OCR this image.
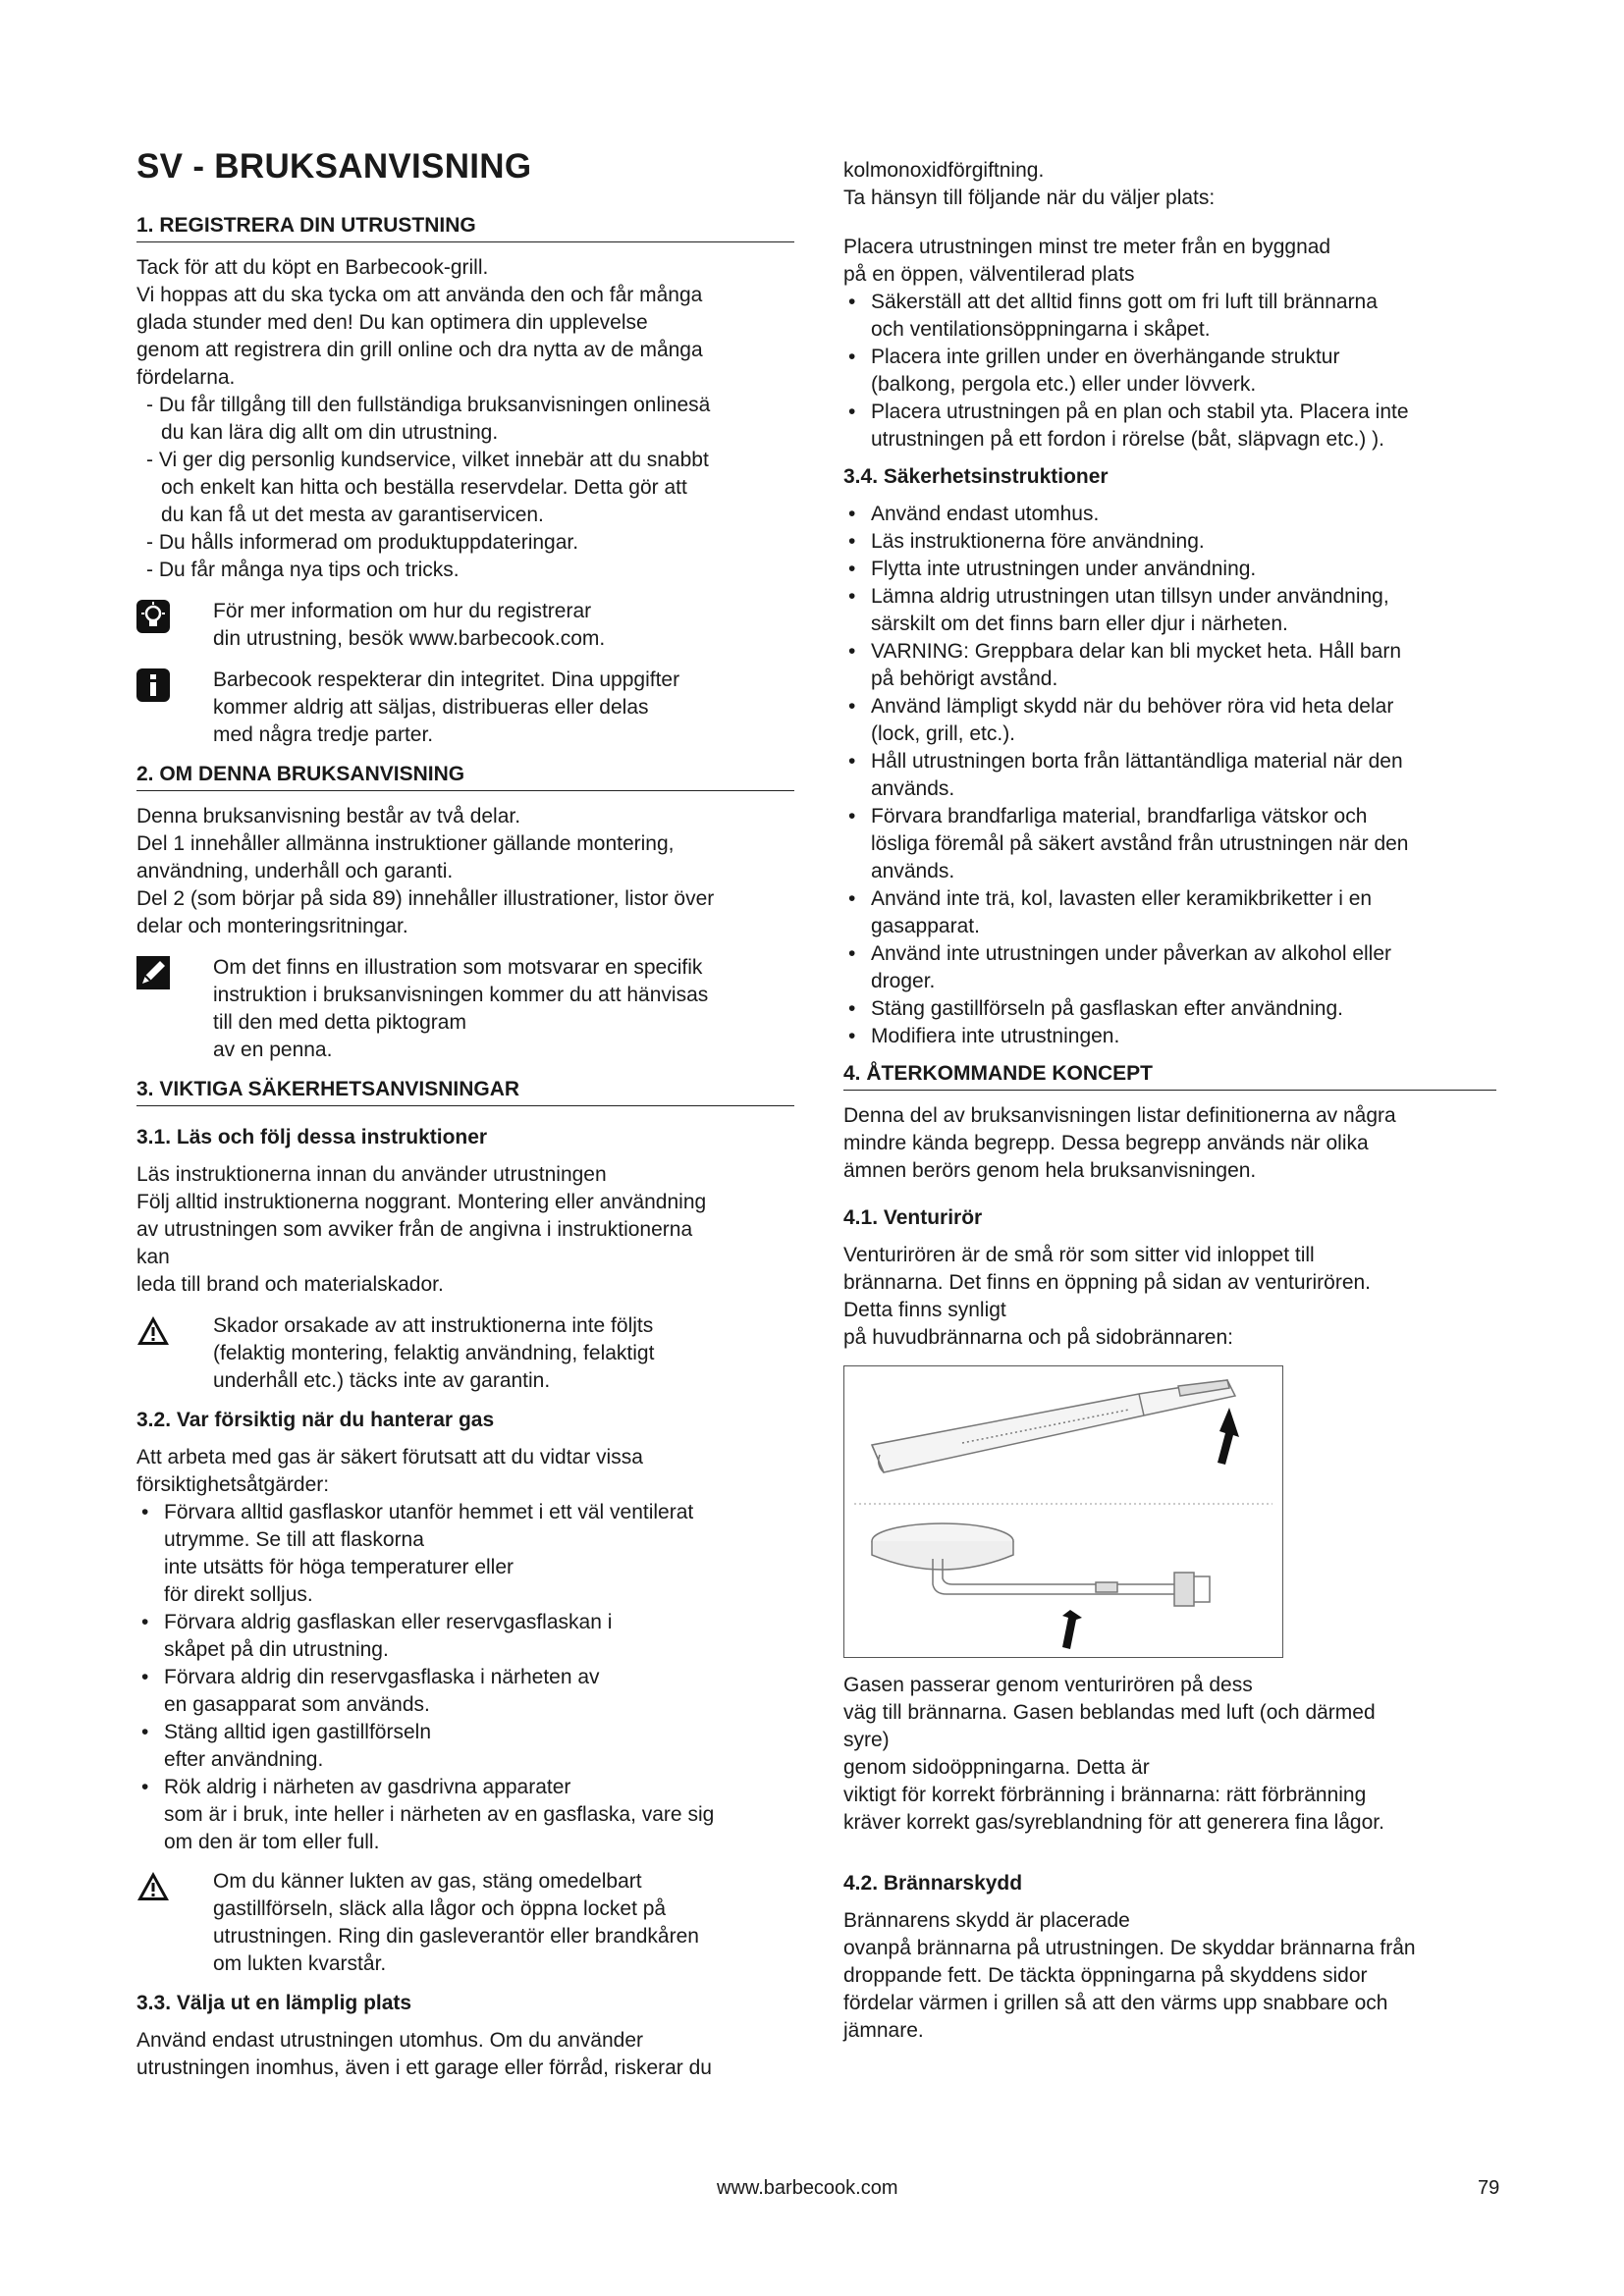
SV - BRUKSANVISNING
1. REGISTRERA DIN UTRUSTNING

Tack för att du köpt en Barbecook-grill.

Vi hoppas att du ska tycka om att använda den och får många

glada stunder med den! Du kan optimera din upplevelse

genom att registrera din grill online och dra nytta av de många

fördelarna.

- Du får tillgång till den fullständiga bruksanvisningen onlinesä

du kan lära dig allt om din utrustning.

- Vi ger dig personlig kundservice, vilket innebär att du snabbt

och enkelt kan hitta och beställa reservdelar. Detta gör att

du kan få ut det mesta av garantiservicen.

- Du hålls informerad om produktuppdateringar.

- Du får många nya tips och tricks.

För mer information om hur du registrerar

din utrustning, besök www.barbecook.com.

Barbecook respekterar din integritet. Dina uppgifter

kommer aldrig att säljas, distribueras eller delas

med några tredje parter.

2. OM DENNA BRUKSANVISNING

Denna bruksanvisning består av två delar.

Del 1 innehåller allmänna instruktioner gällande montering,

användning, underhåll och garanti.

Del 2 (som börjar på sida 89) innehåller illustrationer, listor över

delar och monteringsritningar.

Om det finns en illustration som motsvarar en specifik

instruktion i bruksanvisningen kommer du att hänvisas

till den med detta piktogram

av en penna.

3. VIKTIGA SÄKERHETSANVISNINGAR
3.1. Läs och följ dessa instruktioner

Läs instruktionerna innan du använder utrustningen

Följ alltid instruktionerna noggrant. Montering eller användning

av utrustningen som avviker från de angivna i instruktionerna

kan

leda till brand och materialskador.

Skador orsakade av att instruktionerna inte följts

(felaktig montering, felaktig användning, felaktigt

underhåll etc.) täcks inte av garantin.

3.2. Var försiktig när du hanterar gas

Att arbeta med gas är säkert förutsatt att du vidtar vissa

försiktighetsåtgärder:

• Förvara alltid gasflaskor utanför hemmet i ett väl ventilerat

utrymme. Se till att flaskorna

inte utsätts för höga temperaturer eller

för direkt solljus.

• Förvara aldrig gasflaskan eller reservgasflaskan i

skåpet på din utrustning.

• Förvara aldrig din reservgasflaska i närheten av

en gasapparat som används.

• Stäng alltid igen gastillförseln

efter användning.

• Rök aldrig i närheten av gasdrivna apparater

som är i bruk, inte heller i närheten av en gasflaska, vare sig

om den är tom eller full.

Om du känner lukten av gas, stäng omedelbart

gastillförseln, släck alla lågor och öppna locket på

utrustningen. Ring din gasleverantör eller brandkåren

om lukten kvarstår.

3.3. Välja ut en lämplig plats

Använd endast utrustningen utomhus. Om du använder

utrustningen inomhus, även i ett garage eller förråd, riskerar du

kolmonoxidförgiftning.

Ta hänsyn till följande när du väljer plats:

Placera utrustningen minst tre meter från en byggnad

på en öppen, välventilerad plats

• Säkerställ att det alltid finns gott om fri luft till brännarna

och ventilationsöppningarna i skåpet.

• Placera inte grillen under en överhängande struktur

(balkong, pergola etc.) eller under lövverk.

• Placera utrustningen på en plan och stabil yta. Placera inte

utrustningen på ett fordon i rörelse (båt, släpvagn etc.) ).

3.4. Säkerhetsinstruktioner
• Använd endast utomhus.
• Läs instruktionerna före användning.
• Flytta inte utrustningen under användning.
• Lämna aldrig utrustningen utan tillsyn under användning,

särskilt om det finns barn eller djur i närheten.

• VARNING: Greppbara delar kan bli mycket heta. Håll barn

på behörigt avstånd.

• Använd lämpligt skydd när du behöver röra vid heta delar

(lock, grill, etc.).

• Håll utrustningen borta från lättantändliga material när den

används.

• Förvara brandfarliga material, brandfarliga vätskor och

lösliga föremål på säkert avstånd från utrustningen när den

används.

• Använd inte trä, kol, lavasten eller keramikbriketter i en

gasapparat.

• Använd inte utrustningen under påverkan av alkohol eller

droger.

• Stäng gastillförseln på gasflaskan efter användning.
• Modifiera inte utrustningen.
4. ÅTERKOMMANDE KONCEPT

Denna del av bruksanvisningen listar definitionerna av några

mindre kända begrepp. Dessa begrepp används när olika

ämnen berörs genom hela bruksanvisningen.

4.1. Venturirör

Venturirören är de små rör som sitter vid inloppet till

brännarna. Det finns en öppning på sidan av venturirören.

Detta finns synligt

på huvudbrännarna och på sidobrännaren:

Gasen passerar genom venturirören på dess

väg till brännarna. Gasen beblandas med luft (och därmed

syre)

genom sidoöppningarna. Detta är

viktigt för korrekt förbränning i brännarna: rätt förbränning

kräver korrekt gas/syreblandning för att generera fina lågor.

4.2. Brännarskydd

Brännarens skydd är placerade

ovanpå brännarna på utrustningen. De skyddar brännarna från

droppande fett. De täckta öppningarna på skyddens sidor

fördelar värmen i grillen så att den värms upp snabbare och

jämnare.

www.barbecook.com	79
